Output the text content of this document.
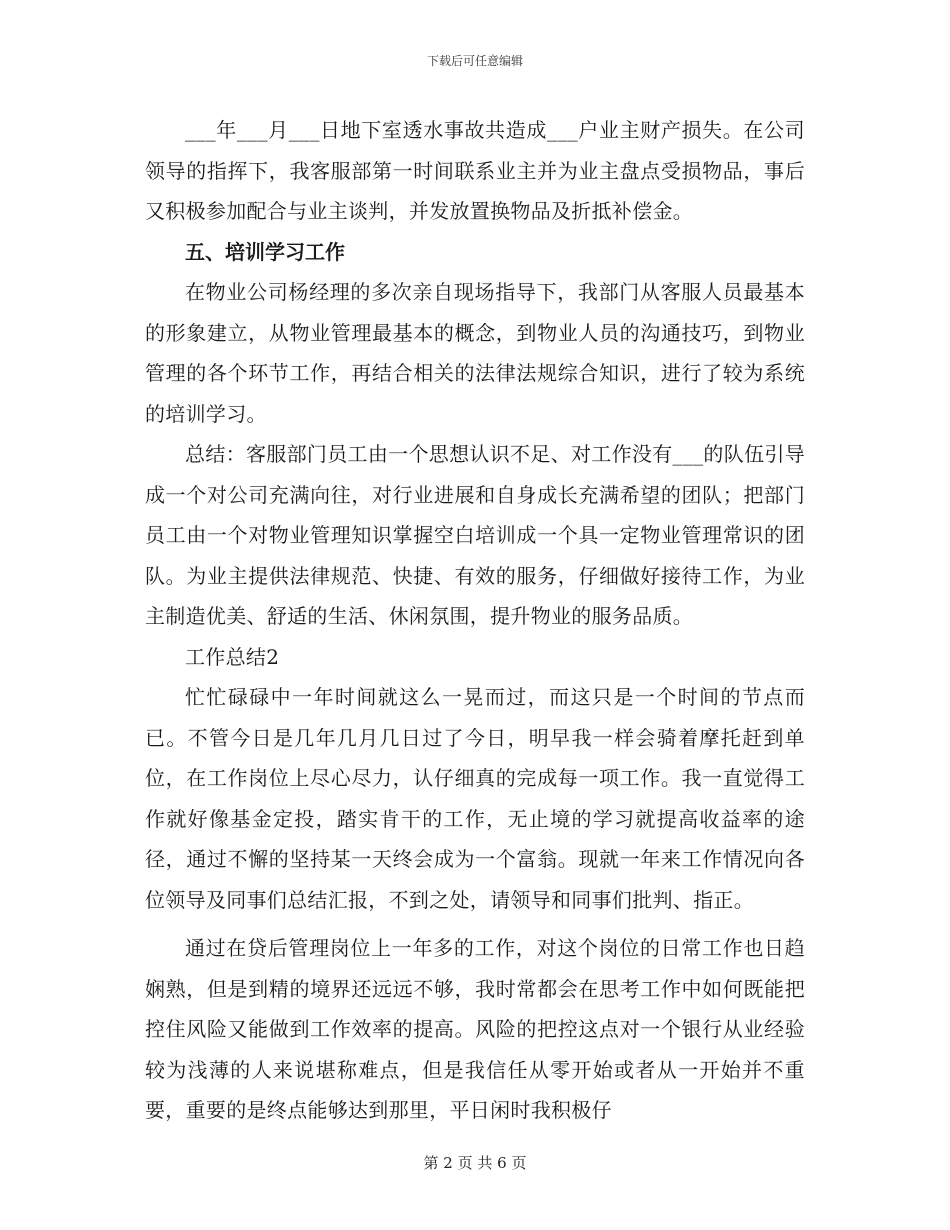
下载后可任意编辑

___年___月___日地下室透水事故共造成___户业主财产损失。在公司领导的指挥下，我客服部第一时间联系业主并为业主盘点受损物品，事后又积极参加配合与业主谈判，并发放置换物品及折抵补偿金。

五、培训学习工作

在物业公司杨经理的多次亲自现场指导下，我部门从客服人员最基本的形象建立，从物业管理最基本的概念，到物业人员的沟通技巧，到物业管理的各个环节工作，再结合相关的法律法规综合知识，进行了较为系统的培训学习。

总结：客服部门员工由一个思想认识不足、对工作没有___的队伍引导成一个对公司充满向往，对行业进展和自身成长充满希望的团队；把部门员工由一个对物业管理知识掌握空白培训成一个具一定物业管理常识的团队。为业主提供法律规范、快捷、有效的服务，仔细做好接待工作，为业主制造优美、舒适的生活、休闲氛围，提升物业的服务品质。

工作总结2

忙忙碌碌中一年时间就这么一晃而过，而这只是一个时间的节点而已。不管今日是几年几月几日过了今日，明早我一样会骑着摩托赶到单位，在工作岗位上尽心尽力，认仔细真的完成每一项工作。我一直觉得工作就好像基金定投，踏实肯干的工作，无止境的学习就提高收益率的途径，通过不懈的坚持某一天终会成为一个富翁。现就一年来工作情况向各位领导及同事们总结汇报，不到之处，请领导和同事们批判、指正。

通过在贷后管理岗位上一年多的工作，对这个岗位的日常工作也日趋娴熟，但是到精的境界还远远不够，我时常都会在思考工作中如何既能把控住风险又能做到工作效率的提高。风险的把控这点对一个银行从业经验较为浅薄的人来说堪称难点，但是我信任从零开始或者从一开始并不重要，重要的是终点能够达到那里，平日闲时我积极仔

第 2 页 共 6 页
